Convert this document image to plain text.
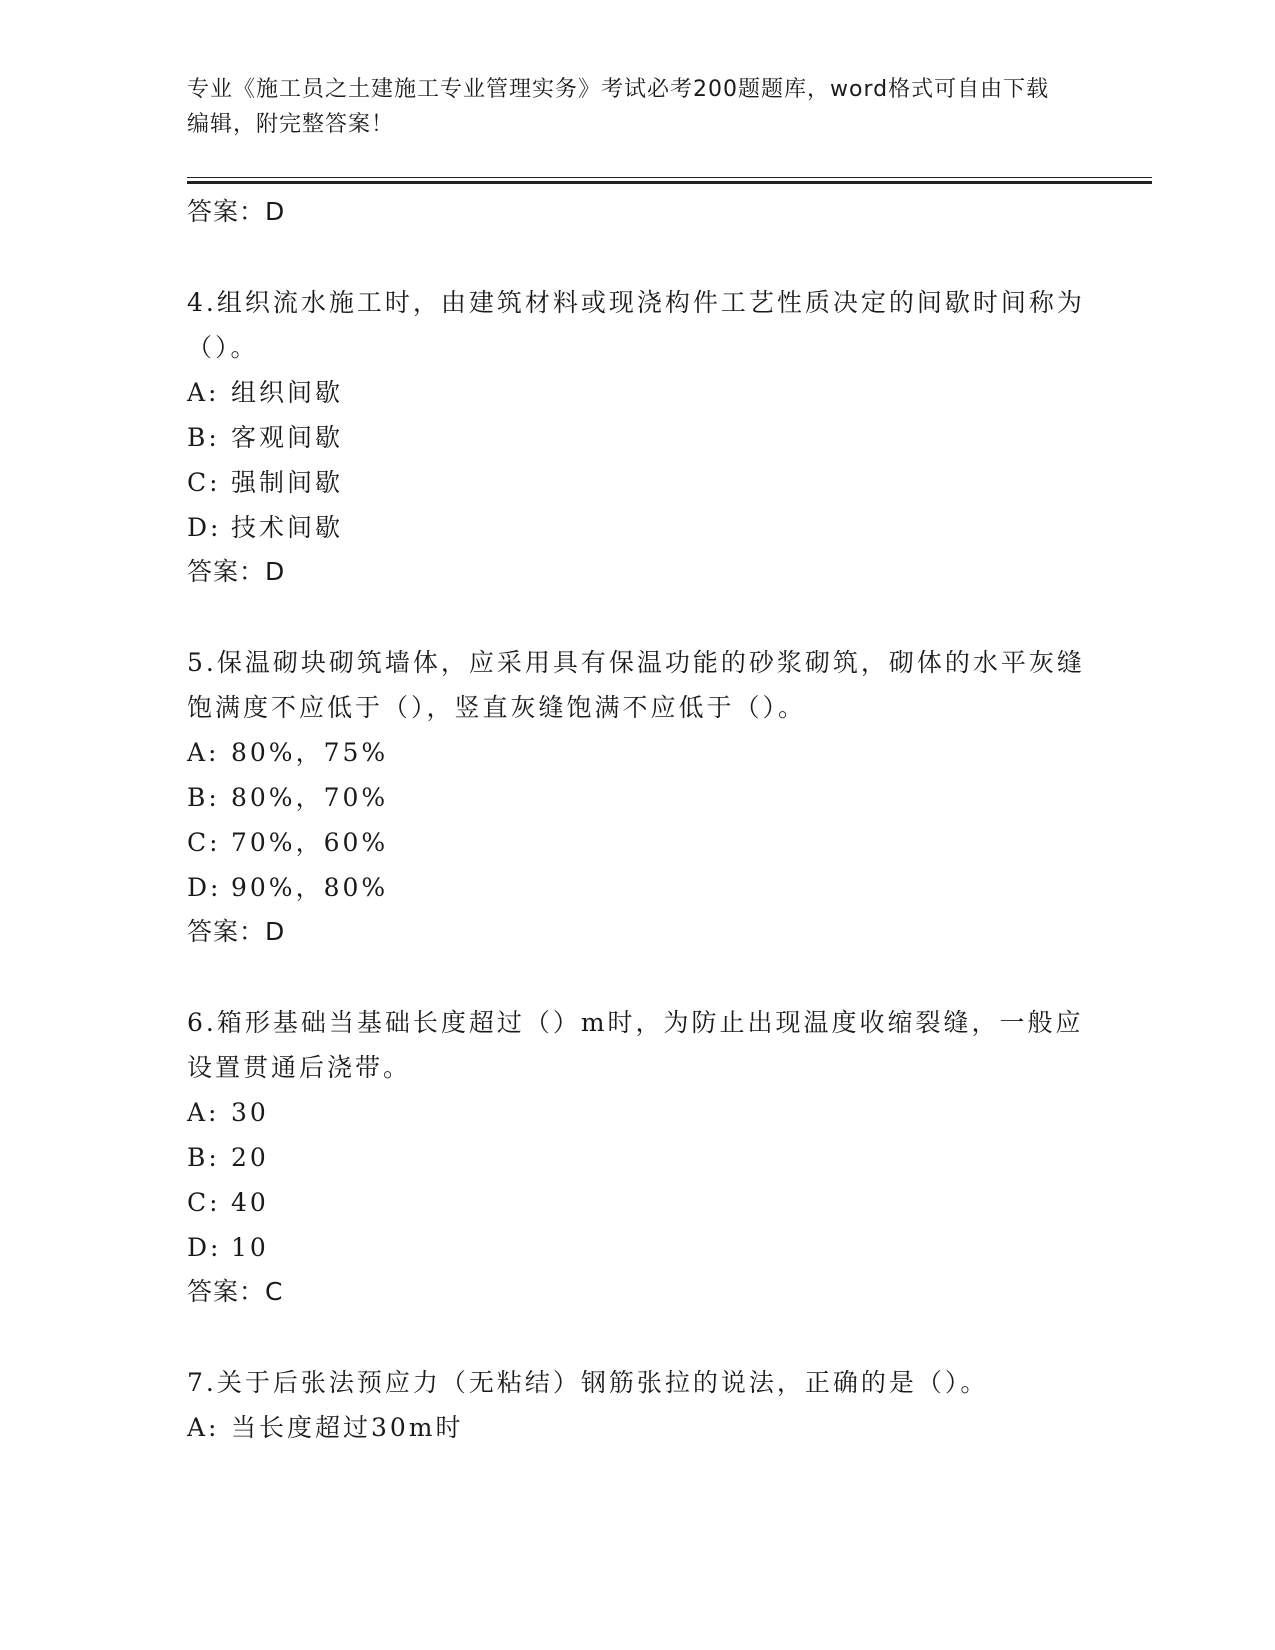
专业《施工员之土建施工专业管理实务》考试必考200题题库，word格式可自由下载编辑，附完整答案！
答案：D
4.组织流水施工时，由建筑材料或现浇构件工艺性质决定的间歇时间称为（）。
A: 组织间歇
B: 客观间歇
C: 强制间歇
D: 技术间歇
答案：D
5.保温砌块砌筑墙体，应采用具有保温功能的砂浆砌筑，砌体的水平灰缝饱满度不应低于（），竖直灰缝饱满不应低于（）。
A: 80%，75%
B: 80%，70%
C: 70%，60%
D: 90%，80%
答案：D
6.箱形基础当基础长度超过（）m时，为防止出现温度收缩裂缝，一般应设置贯通后浇带。
A: 30
B: 20
C: 40
D: 10
答案：C
7.关于后张法预应力（无粘结）钢筋张拉的说法，正确的是（）。
A: 当长度超过30m时
